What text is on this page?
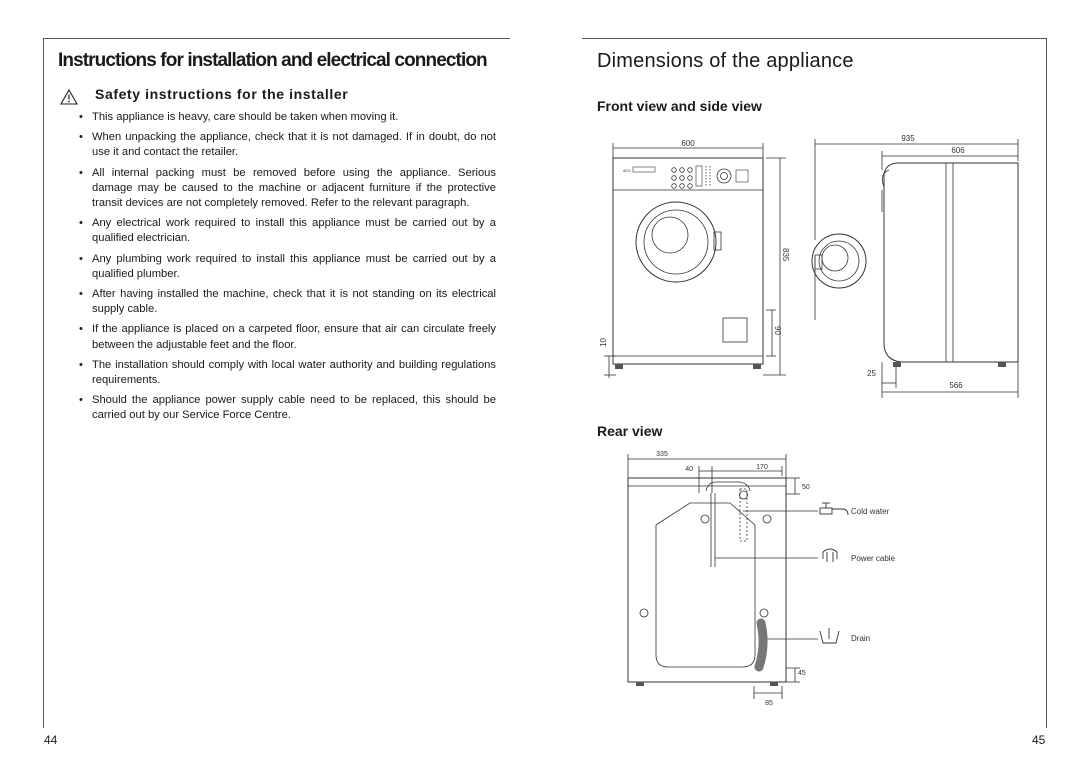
Instructions for installation and electrical connection
Safety instructions for the installer
• This appliance is heavy, care should be taken when moving it.
• When unpacking the appliance, check that it is not damaged. If in doubt, do not use it and contact the retailer.
• All internal packing must be removed before using the appliance. Serious damage may be caused to the machine or adjacent furniture if the protective transit devices are not completely removed. Refer to the relevant paragraph.
• Any electrical work required to install this appliance must be carried out by a qualified electrician.
• Any plumbing work required to install this appliance must be carried out by a qualified plumber.
• After having installed the machine, check that it is not standing on its electrical supply cable.
• If the appliance is placed on a carpeted floor, ensure that air can circulate freely between the adjustable feet and the floor.
• The installation should comply with local water authority and building regulations requirements.
• Should the appliance power supply cable need to be replaced, this should be carried out by our Service Force Centre.
44
Dimensions of the appliance
Front view and side view
Rear view
AEG
600
835
90
10
935
606
25
566
Cold water
Power cable
Drain
335
40	170
50
45
85
45
